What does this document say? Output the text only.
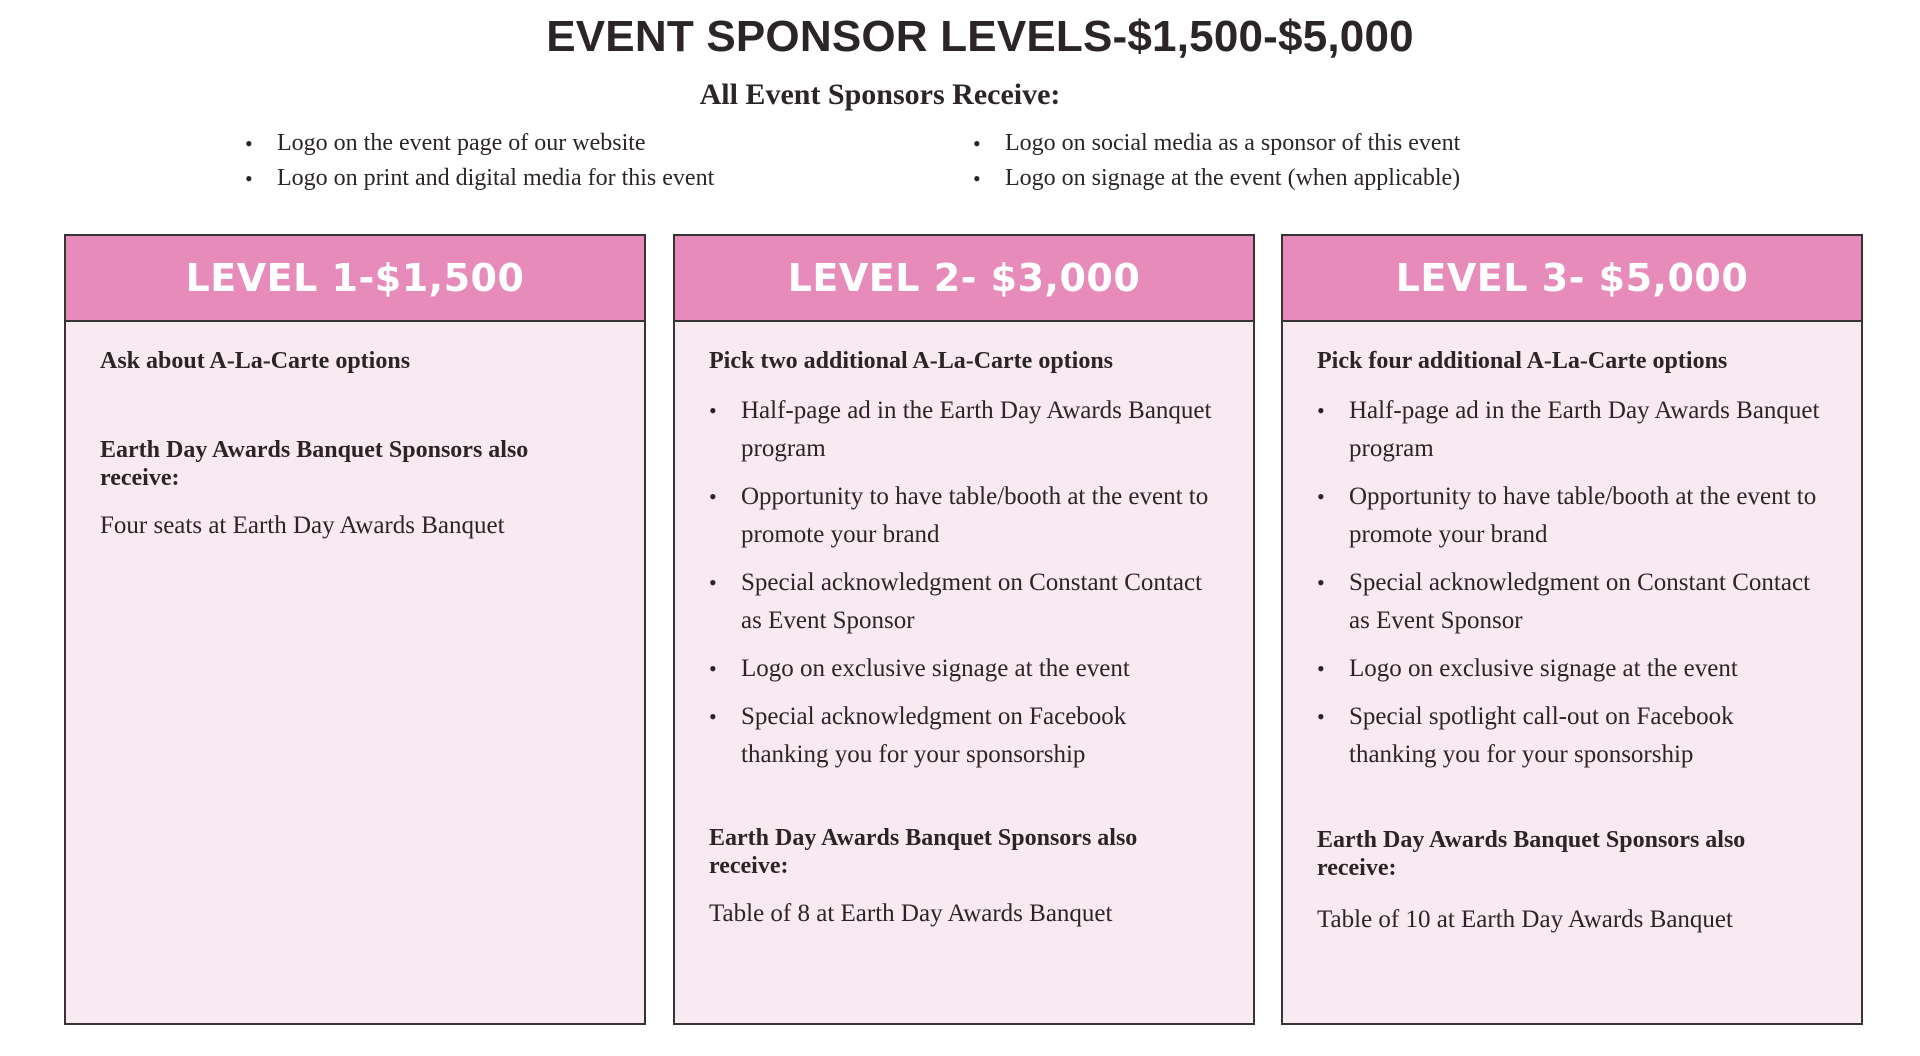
EVENT SPONSOR LEVELS-$1,500-$5,000
All Event Sponsors Receive:
• Logo on the event page of our website
• Logo on print and digital media for this event
• Logo on social media as a sponsor of this event
• Logo on signage at the event (when applicable)
LEVEL 1-$1,500

Ask about A-La-Carte options

Earth Day Awards Banquet Sponsors also receive:

Four seats at Earth Day Awards Banquet

LEVEL 2- $3,000

Pick two additional A-La-Carte options

• Half-page ad in the Earth Day Awards Banquet program
• Opportunity to have table/booth at the event to promote your brand
• Special acknowledgment on Constant Contact as Event Sponsor
• Logo on exclusive signage at the event
• Special acknowledgment on Facebook thanking you for your sponsorship

Earth Day Awards Banquet Sponsors also receive:

Table of 8 at Earth Day Awards Banquet

LEVEL 3- $5,000

Pick four additional A-La-Carte options

• Half-page ad in the Earth Day Awards Banquet program
• Opportunity to have table/booth at the event to promote your brand
• Special acknowledgment on Constant Contact as Event Sponsor
• Logo on exclusive signage at the event
• Special spotlight call-out on Facebook thanking you for your sponsorship

Earth Day Awards Banquet Sponsors also receive:

Table of 10 at Earth Day Awards Banquet
